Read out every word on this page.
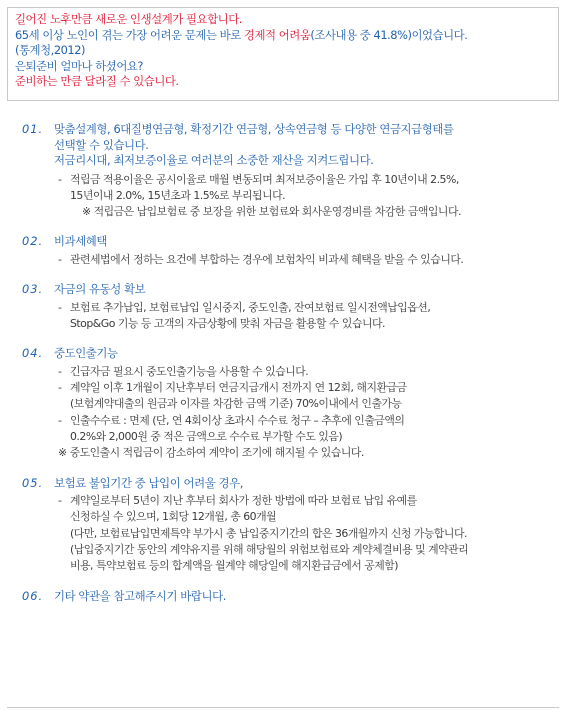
길어진 노후만큼 새로운 인생설계가 필요합니다.
65세 이상 노인이 겪는 가장 어려운 문제는 바로 경제적 어려움(조사내용 중 41.8%)이었습니다.
(통계청,2012)
은퇴준비 얼마나 하셨어요?
준비하는 만큼 달라질 수 있습니다.
01. 맞춤설계형, 6대질병연금형, 확정기간 연금형, 상속연금형 등 다양한 연금지급형태를
선택할 수 있습니다.
저금리시대, 최저보증이율로 여러분의 소중한 재산을 지켜드립니다.
- 적립금 적용이율은 공시이율로 매월 변동되며 최저보증이율은 가입 후 10년이내 2.5%,
15년이내 2.0%, 15년초과 1.5%로 부리됩니다.
※ 적립금은 납입보험료 중 보장을 위한 보험료와 회사운영경비를 차감한 금액입니다.
02. 비과세혜택
- 관련세법에서 정하는 요건에 부합하는 경우에 보험차익 비과세 혜택을 받을 수 있습니다.
03. 자금의 유동성 확보
- 보험료 추가납입, 보험료납입 일시중지, 중도인출, 잔여보험료 일시전액납입옵션,
Stop&Go 기능 등 고객의 자금상황에 맞춰 자금을 활용할 수 있습니다.
04. 중도인출기능
- 긴급자금 필요시 중도인출기능을 사용할 수 있습니다.
- 계약일 이후 1개월이 지난후부터 연금지급개시 전까지 연 12회, 해지환급금
(보험계약대출의 원금과 이자를 차감한 금액 기준) 70%이내에서 인출가능
- 인출수수료 : 면제 (단, 연 4회이상 초과시 수수료 청구 – 추후에 인출금액의
0.2%와 2,000원 중 적은 금액으로 수수료 부가할 수도 있음)
※ 중도인출시 적립금이 감소하여 계약이 조기에 해지될 수 있습니다.
05. 보험료 불입기간 중 납입이 어려울 경우,
- 계약일로부터 5년이 지난 후부터 회사가 정한 방법에 따라 보험료 납입 유예를
신청하실 수 있으며, 1회당 12개월, 총 60개월
(다만, 보험료납입면제특약 부가시 총 납입중지기간의 합은 36개월까지 신청 가능합니다.
(납입중지기간 동안의 계약유지를 위해 해당월의 위험보험료와 계약체결비용 및 계약관리
비용, 특약보험료 등의 합계액을 월계약 해당일에 해지환급금에서 공제함)
06. 기타 약관을 참고해주시기 바랍니다.
